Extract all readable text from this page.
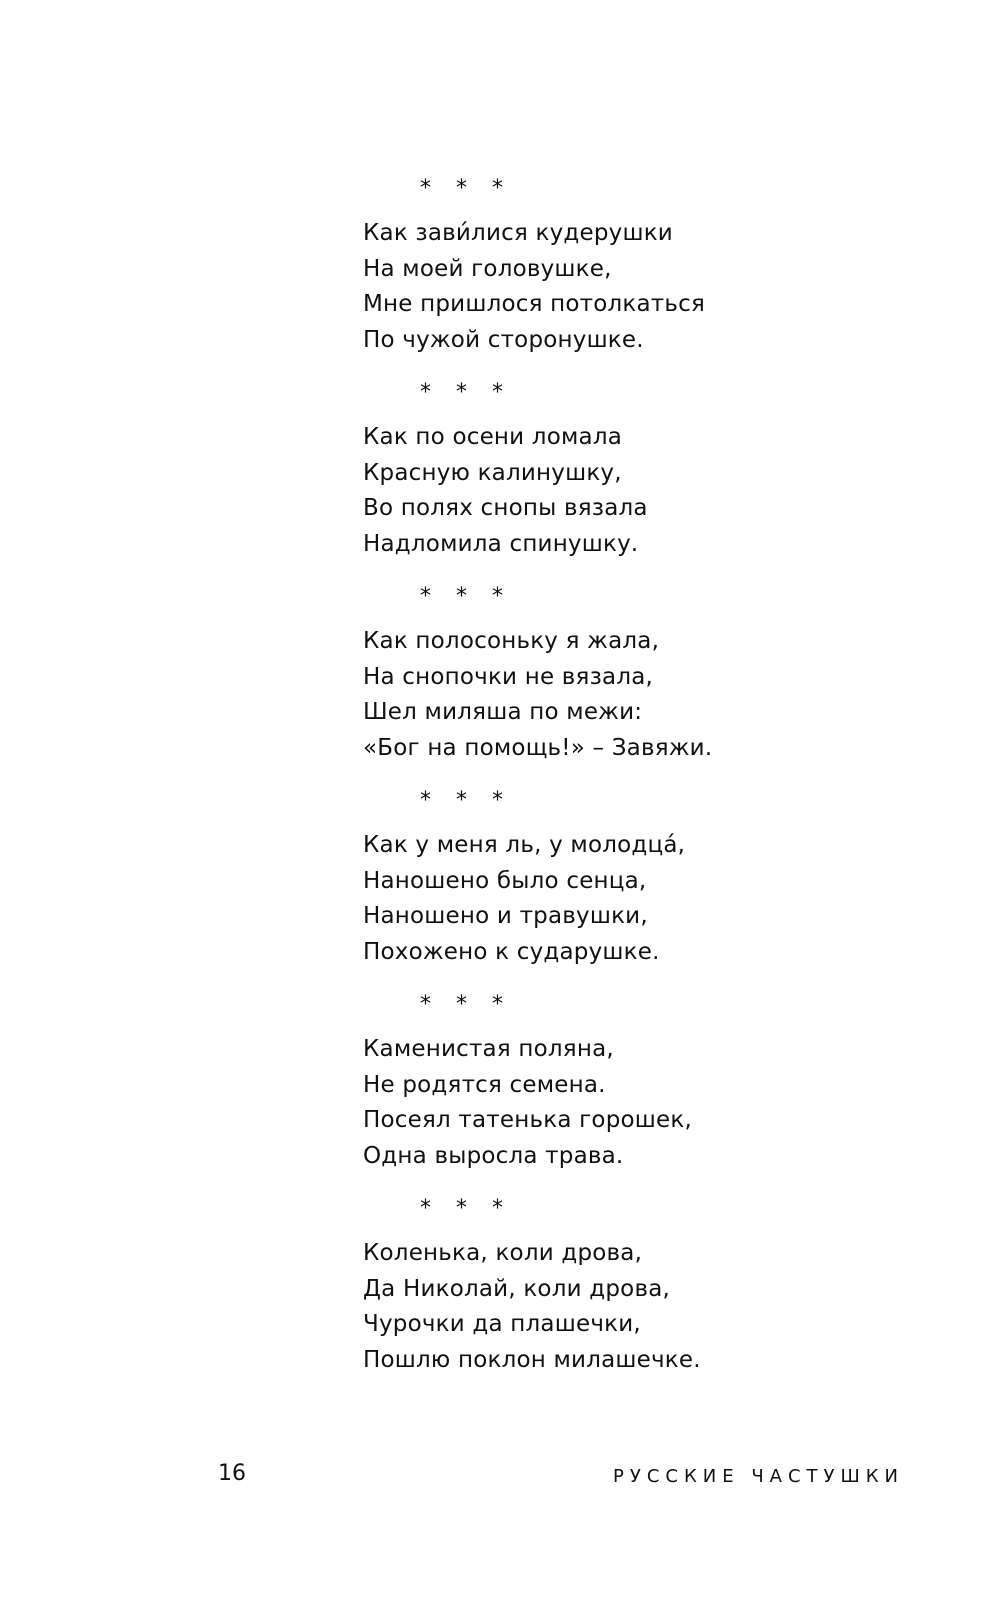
* * *
Как зави́лися кудерушки
На моей головушке,
Мне пришлося потолкаться
По чужой сторонушке.
* * *
Как по осени ломала
Красную калинушку,
Во полях снопы вязала
Надломила спинушку.
* * *
Как полосоньку я жала,
На снопочки не вязала,
Шел миляша по межи:
«Бог на помощь!» – Завяжи.
* * *
Как у меня ль, у молодца́,
Наношено было сенца,
Наношено и травушки,
Похожено к сударушке.
* * *
Каменистая поляна,
Не родятся семена.
Посеял татенька горошек,
Одна выросла трава.
* * *
Коленька, коли дрова,
Да Николай, коли дрова,
Чурочки да плашечки,
Пошлю поклон милашечке.
16	РУССКИЕ ЧАСТУШКИ
